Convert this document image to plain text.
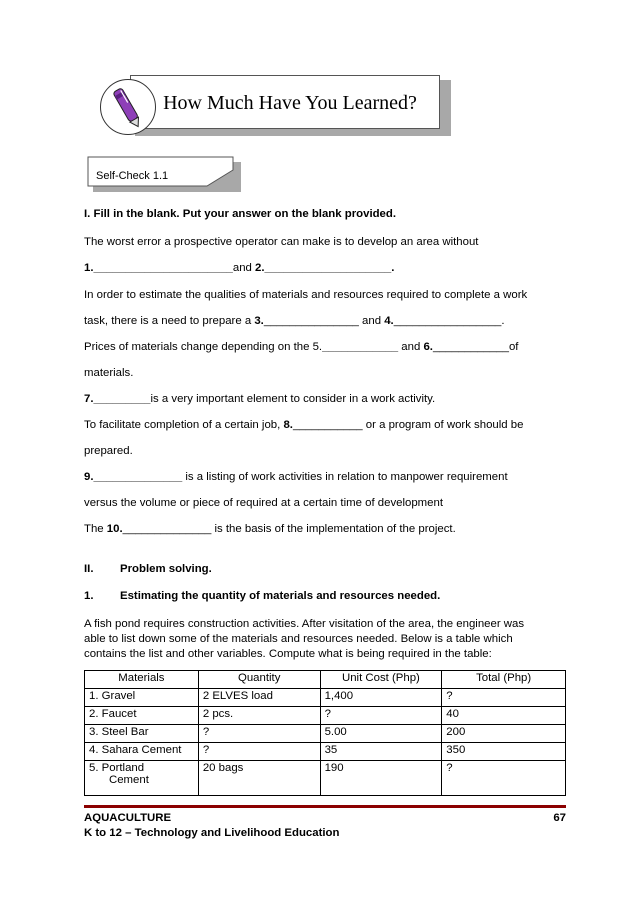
How Much Have You Learned?
Self-Check 1.1
I. Fill in the blank. Put your answer on the blank provided.
The worst error a prospective operator can make is to develop an area without
1.______________________and 2.____________________.
In order to estimate the qualities of materials and resources required to complete a work
task, there is a need to prepare a 3._______________ and 4._________________.
Prices of materials change depending on the 5.____________ and 6.____________of
materials.
7._________is a very important element to consider in a work activity.
To facilitate completion of a certain job, 8.___________ or a program of work should be
prepared.
9.______________ is a listing of work activities in relation to manpower requirement
versus the volume or piece of required at a certain time of development
The 10.______________ is the basis of the implementation of the project.
II. Problem solving.
1. Estimating the quantity of materials and resources needed.
A fish pond requires construction activities. After visitation of the area, the engineer was
able to list down some of the materials and resources needed. Below is a table which
contains the list and other variables. Compute what is being required in the table:
Materials	Quantity	Unit Cost (Php)	Total (Php)
1. Gravel	2 ELVES load	1,400	?
2. Faucet	2 pcs.	?	40
3. Steel Bar	?	5.00	200
4. Sahara Cement	?	35	350
5. Portland
Cement	20 bags	190	?
AQUACULTURE	67
K to 12 – Technology and Livelihood Education
